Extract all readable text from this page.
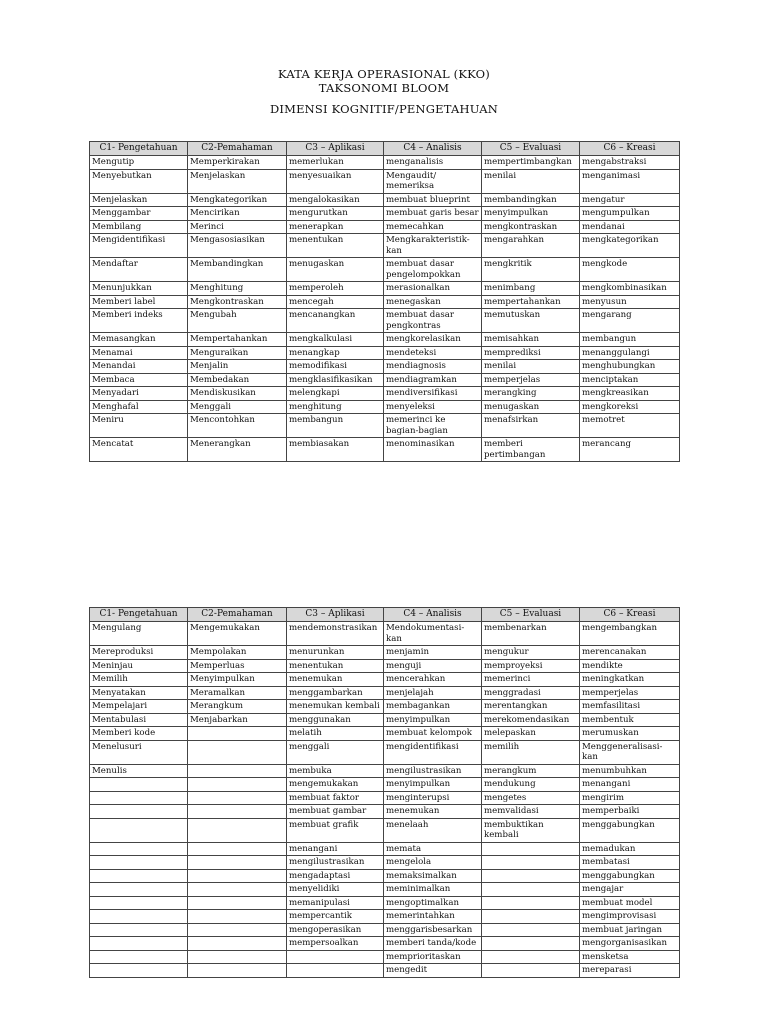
KATA KERJA OPERASIONAL (KKO)
TAKSONOMI BLOOM
DIMENSI KOGNITIF/PENGETAHUAN
C1- Pengetahuan	C2-Pemahaman	C3 – Aplikasi	C4 – Analisis	C5 – Evaluasi	C6 – Kreasi
Mengutip	Memperkirakan	memerlukan	menganalisis	mempertimbangkan	mengabstraksi
Menyebutkan	Menjelaskan	menyesuaikan	Mengaudit/ memeriksa	menilai	menganimasi
Menjelaskan	Mengkategorikan	mengalokasikan	membuat blueprint	membandingkan	mengatur
Menggambar	Mencirikan	mengurutkan	membuat garis besar	menyimpulkan	mengumpulkan
Membilang	Merinci	menerapkan	memecahkan	mengkontraskan	mendanai
Mengidentifikasi	Mengasosiasikan	menentukan	Mengkarakteristik-kan	mengarahkan	mengkategorikan
Mendaftar	Membandingkan	menugaskan	membuat dasar pengelompokkan	mengkritik	mengkode
Menunjukkan	Menghitung	memperoleh	merasionalkan	menimbang	mengkombinasikan
Memberi label	Mengkontraskan	mencegah	menegaskan	mempertahankan	menyusun
Memberi indeks	Mengubah	mencanangkan	membuat dasar pengkontras	memutuskan	mengarang
Memasangkan	Mempertahankan	mengkalkulasi	mengkorelasikan	memisahkan	membangun
Menamai	Menguraikan	menangkap	mendeteksi	memprediksi	menanggulangi
Menandai	Menjalin	memodifikasi	mendiagnosis	menilai	menghubungkan
Membaca	Membedakan	mengklasifikasikan	mendiagramkan	memperjelas	menciptakan
Menyadari	Mendiskusikan	melengkapi	mendiversifikasi	merangking	mengkreasikan
Menghafal	Menggali	menghitung	menyeleksi	menugaskan	mengkoreksi
Meniru	Mencontohkan	membangun	memerinci ke bagian-bagian	menafsirkan	memotret
Mencatat	Menerangkan	membiasakan	menominasikan	memberi pertimbangan	merancang
C1- Pengetahuan	C2-Pemahaman	C3 – Aplikasi	C4 – Analisis	C5 – Evaluasi	C6 – Kreasi
Mengulang	Mengemukakan	mendemonstrasikan	Mendokumentasi-kan	membenarkan	mengembangkan
Mereproduksi	Mempolakan	menurunkan	menjamin	mengukur	merencanakan
Meninjau	Memperluas	menentukan	menguji	memproyeksi	mendikte
Memilih	Menyimpulkan	menemukan	mencerahkan	memerinci	meningkatkan
Menyatakan	Meramalkan	menggambarkan	menjelajah	menggradasi	memperjelas
Mempelajari	Merangkum	menemukan kembali	membagankan	merentangkan	memfasilitasi
Mentabulasi	Menjabarkan	menggunakan	menyimpulkan	merekomendasikan	membentuk
Memberi kode		melatih	membuat kelompok	melepaskan	merumuskan
Menelusuri		menggali	mengidentifikasi	memilih	Menggeneralisasi-kan
Menulis		membuka	mengilustrasikan	merangkum	menumbuhkan
		mengemukakan	menyimpulkan	mendukung	menangani
		membuat faktor	menginterupsi	mengetes	mengirim
		membuat gambar	menemukan	memvalidasi	memperbaiki
		membuat grafik	menelaah	membuktikan kembali	menggabungkan
		menangani	memata		memadukan
		mengilustrasikan	mengelola		membatasi
		mengadaptasi	memaksimalkan		menggabungkan
		menyelidiki	meminimalkan		mengajar
		memanipulasi	mengoptimalkan		membuat model
		mempercantik	memerintahkan		mengimprovisasi
		mengoperasikan	menggarisbesarkan		membuat jaringan
		mempersoalkan	memberi tanda/kode		mengorganisasikan
			memprioritaskan		mensketsa
			mengedit		mereparasi
